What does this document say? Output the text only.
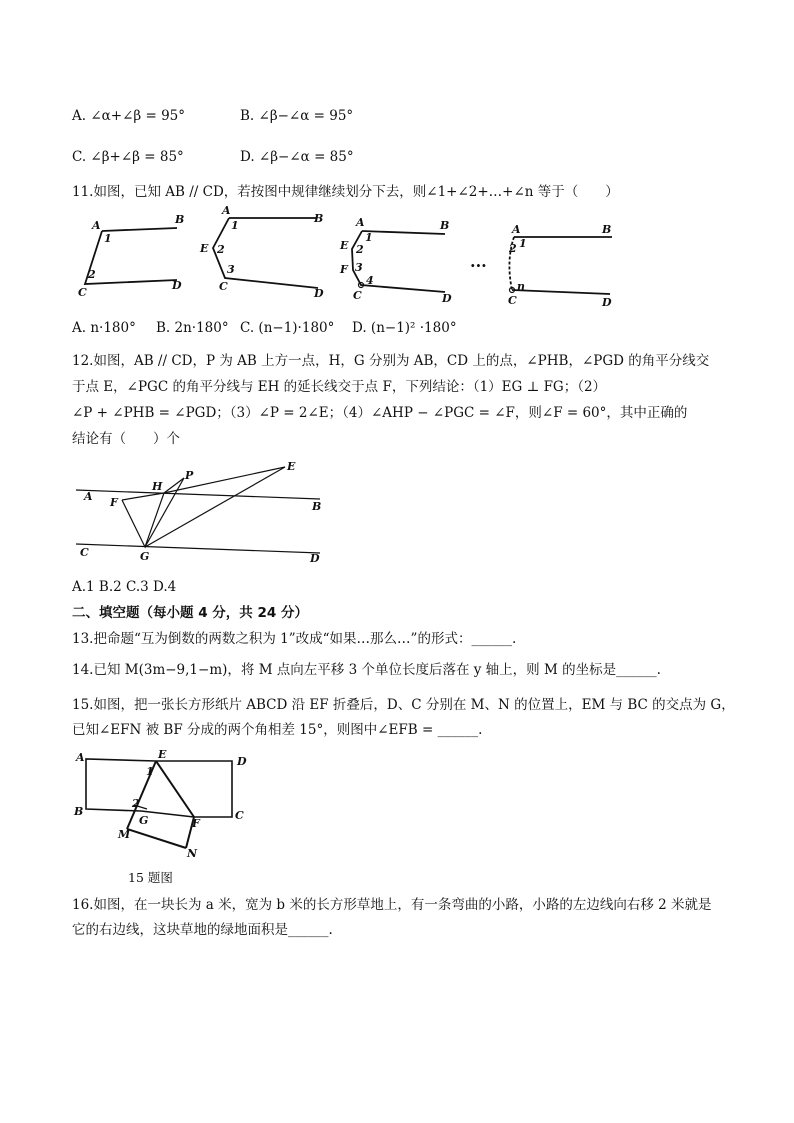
A. ∠α+∠β = 95°	B. ∠β−∠α = 95°
C. ∠β+∠β = 85°	D. ∠β−∠α = 85°
11.如图，已知 AB // CD，若按图中规律继续划分下去，则∠1+∠2+…+∠n 等于（　　）
A	B
1
2
C
D
A
B
1
E 2
3
C
D
A	B
1
E 2
F 3
4
C	D
···
A	B
1
2
n
C	D
A. n·180° B. 2n·180° C. (n−1)·180° D. (n−1)² ·180°
12.如图，AB // CD，P 为 AB 上方一点，H，G 分别为 AB，CD 上的点，∠PHB，∠PGD 的角平分线交
于点 E，∠PGC 的角平分线与 EH 的延长线交于点 F，下列结论：（1）EG ⊥ FG；（2）
∠P + ∠PHB = ∠PGD；（3）∠P = 2∠E；（4）∠AHP − ∠PGC = ∠F，则∠F = 60°，其中正确的
结论有（　　）个
A F
H
P
E
B
C	G	D
A.1 B.2 C.3 D.4
二、填空题（每小题 4 分，共 24 分）
13.把命题“互为倒数的两数之积为 1”改成“如果…那么…”的形式：______.
14.已知 M(3m−9,1−m)，将 M 点向左平移 3 个单位长度后落在 y 轴上，则 M 的坐标是______.
15.如图，把一张长方形纸片 ABCD 沿 EF 折叠后，D、C 分别在 M、N 的位置上，EM 与 BC 的交点为 G，
已知∠EFN 被 BF 分成的两个角相差 15°，则图中∠EFB = ______.
A	E
D
1
2
B
G	F
C
M
N
15 题图
16.如图，在一块长为 a 米，宽为 b 米的长方形草地上，有一条弯曲的小路，小路的左边线向右移 2 米就是
它的右边线，这块草地的绿地面积是______.
